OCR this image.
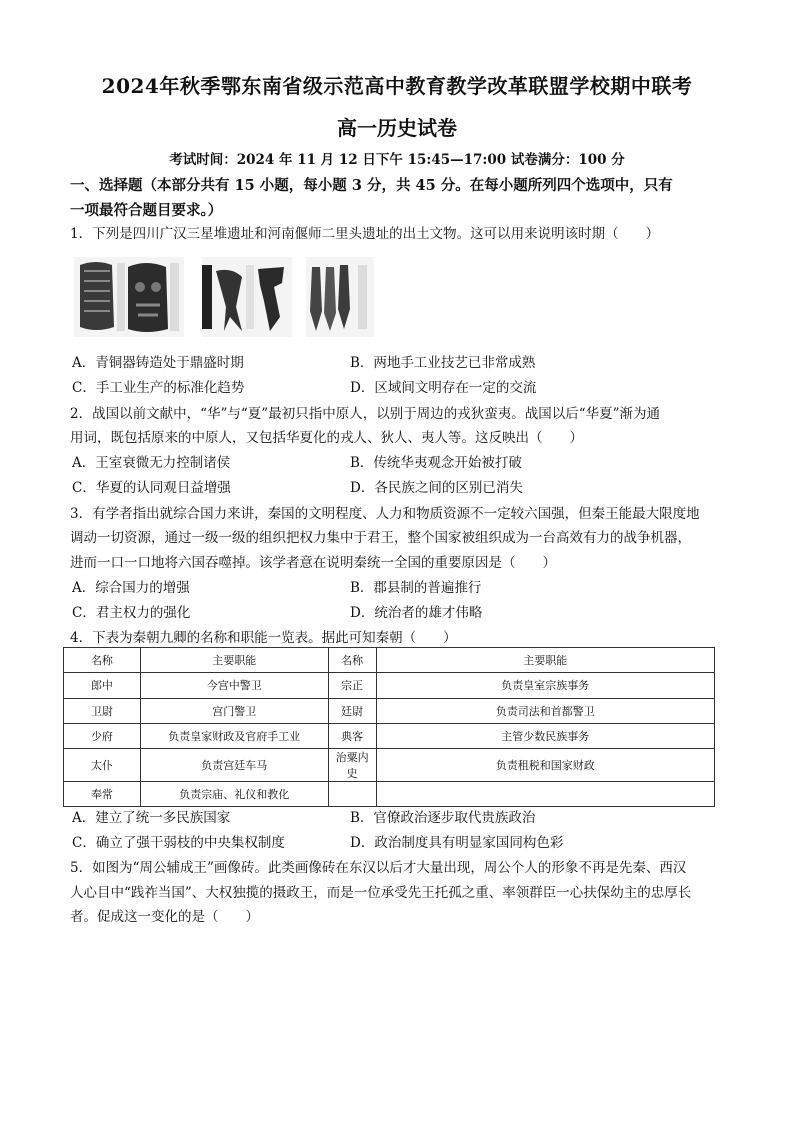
2024年秋季鄂东南省级示范高中教育教学改革联盟学校期中联考
高一历史试卷
考试时间：2024 年 11 月 12 日下午 15:45—17:00 试卷满分：100 分
一、选择题（本部分共有 15 小题，每小题 3 分，共 45 分。在每小题所列四个选项中，只有
一项最符合题目要求。）
1．下列是四川广汉三星堆遗址和河南偃师二里头遗址的出土文物。这可以用来说明该时期（　　）
A．青铜器铸造处于鼎盛时期	B．两地手工业技艺已非常成熟
C．手工业生产的标准化趋势	D．区域间文明存在一定的交流
2．战国以前文献中，“华”与“夏”最初只指中原人，以别于周边的戎狄蛮夷。战国以后“华夏”渐为通
用词，既包括原来的中原人，又包括华夏化的戎人、狄人、夷人等。这反映出（　　）
A．王室衰微无力控制诸侯	B．传统华夷观念开始被打破
C．华夏的认同观日益增强	D．各民族之间的区别已消失
3．有学者指出就综合国力来讲，秦国的文明程度、人力和物质资源不一定较六国强，但秦王能最大限度地
调动一切资源，通过一级一级的组织把权力集中于君王，整个国家被组织成为一台高效有力的战争机器，
进而一口一口地将六国吞噬掉。该学者意在说明秦统一全国的重要原因是（　　）
A．综合国力的增强	B．郡县制的普遍推行
C．君主权力的强化	D．统治者的雄才伟略
4．下表为秦朝九卿的名称和职能一览表。据此可知秦朝（　　）
名称	主要职能	名称	主要职能
郎中	今宫中警卫	宗正	负责皇室宗族事务
卫尉	宫门警卫	廷尉	负责司法和首都警卫
少府	负责皇家财政及官府手工业	典客	主管少数民族事务
太仆	负责宫廷车马	治粟内史	负责租税和国家财政
奉常	负责宗庙、礼仪和教化		
A．建立了统一多民族国家	B．官僚政治逐步取代贵族政治
C．确立了强干弱枝的中央集权制度	D．政治制度具有明显家国同构色彩
5．如图为“周公辅成王”画像砖。此类画像砖在东汉以后才大量出现，周公个人的形象不再是先秦、西汉
人心目中“践祚当国”、大权独揽的摄政王，而是一位承受先王托孤之重、率领群臣一心扶保幼主的忠厚长
者。促成这一变化的是（　　）
